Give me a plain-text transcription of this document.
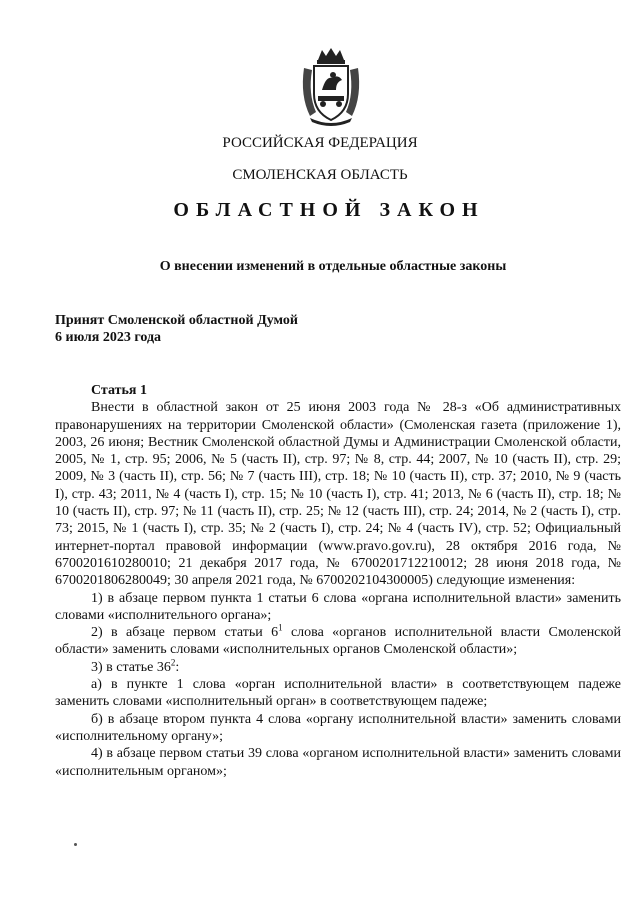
РОССИЙСКАЯ ФЕДЕРАЦИЯ
СМОЛЕНСКАЯ ОБЛАСТЬ
ОБЛАСТНОЙ ЗАКОН
О внесении изменений в отдельные областные законы
Принят Смоленской областной Думой
6 июля 2023 года

Статья 1

Внести в областной закон от 25 июня 2003 года № 28-з «Об административных правонарушениях на территории Смоленской области» (Смоленская газета (приложение 1), 2003, 26 июня; Вестник Смоленской областной Думы и Администрации Смоленской области, 2005, № 1, стр. 95; 2006, № 5 (часть II), стр. 97; № 8, стр. 44; 2007, № 10 (часть II), стр. 29; 2009, № 3 (часть II), стр. 56; № 7 (часть III), стр. 18; № 10 (часть II), стр. 37; 2010, № 9 (часть I), стр. 43; 2011, № 4 (часть I), стр. 15; № 10 (часть I), стр. 41; 2013, № 6 (часть II), стр. 18; № 10 (часть II), стр. 97; № 11 (часть II), стр. 25; № 12 (часть III), стр. 24; 2014, № 2 (часть I), стр. 73; 2015, № 1 (часть I), стр. 35; № 2 (часть I), стр. 24; № 4 (часть IV), стр. 52; Официальный интернет-портал правовой информации (www.pravo.gov.ru), 28 октября 2016 года, № 6700201610280010; 21 декабря 2017 года, № 6700201712210012; 28 июня 2018 года, № 6700201806280049; 30 апреля 2021 года, № 6700202104300005) следующие изменения:

1) в абзаце первом пункта 1 статьи 6 слова «органа исполнительной власти» заменить словами «исполнительного органа»;

2) в абзаце первом статьи $6^1$ слова «органов исполнительной власти Смоленской области» заменить словами «исполнительных органов Смоленской области»;

3) в статье $36^2$:

а) в пункте 1 слова «орган исполнительной власти» в соответствующем падеже заменить словами «исполнительный орган» в соответствующем падеже;

б) в абзаце втором пункта 4 слова «органу исполнительной власти» заменить словами «исполнительному органу»;

4) в абзаце первом статьи 39 слова «органом исполнительной власти» заменить словами «исполнительным органом»;
